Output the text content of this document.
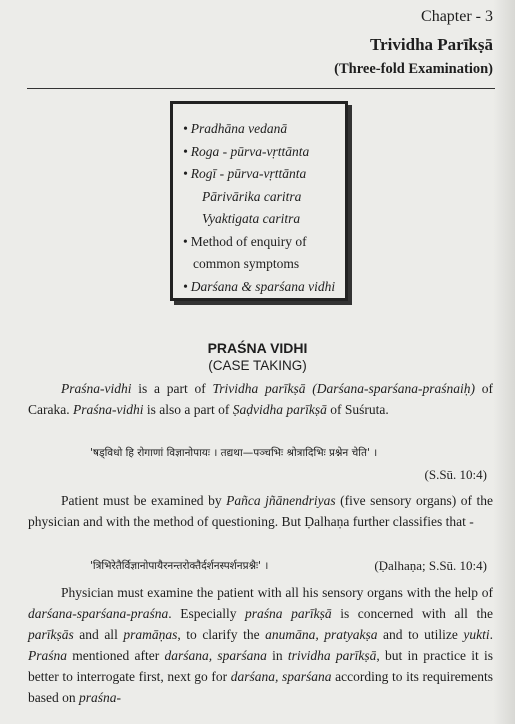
Chapter - 3
Trividha Parīkṣā
(Three-fold Examination)
• Pradhāna vedanā
• Roga - pūrva-vṛttānta
• Rogī - pūrva-vṛttānta
Pārivārika caritra
Vyaktigata caritra
• Method of enquiry of
common symptoms
• Darśana & sparśana vidhi
PRAŚNA VIDHI
(CASE TAKING)
Praśna-vidhi is a part of Trividha parīkṣā (Darśana-sparśana-praśnaiḥ) of Caraka. Praśna-vidhi is also a part of Ṣaḍvidha parīkṣā of Suśruta.
'षड्विधो हि रोगाणां विज्ञानोपायः । तद्यथा—पञ्चभिः श्रोत्रादिभिः प्रश्नेन चेति' ।
(S.Sū. 10:4)
Patient must be examined by Pañca jñānendriyas (five sensory organs) of the physician and with the method of questioning. But Ḍalhaṇa further classifies that -
'त्रिभिरेतैर्विज्ञानोपायैरनन्तरोक्तैर्दर्शनस्पर्शनप्रश्नैः' ।	(Ḍalhaṇa; S.Sū. 10:4)
Physician must examine the patient with all his sensory organs with the help of darśana-sparśana-praśna. Especially praśna parīkṣā is concerned with all the parīkṣās and all pramāṇas, to clarify the anumāna, pratyakṣa and to utilize yukti. Praśna mentioned after darśana, sparśana in trividha parīkṣā, but in practice it is better to interrogate first, next go for darśana, sparśana according to its requirements based on praśna-
